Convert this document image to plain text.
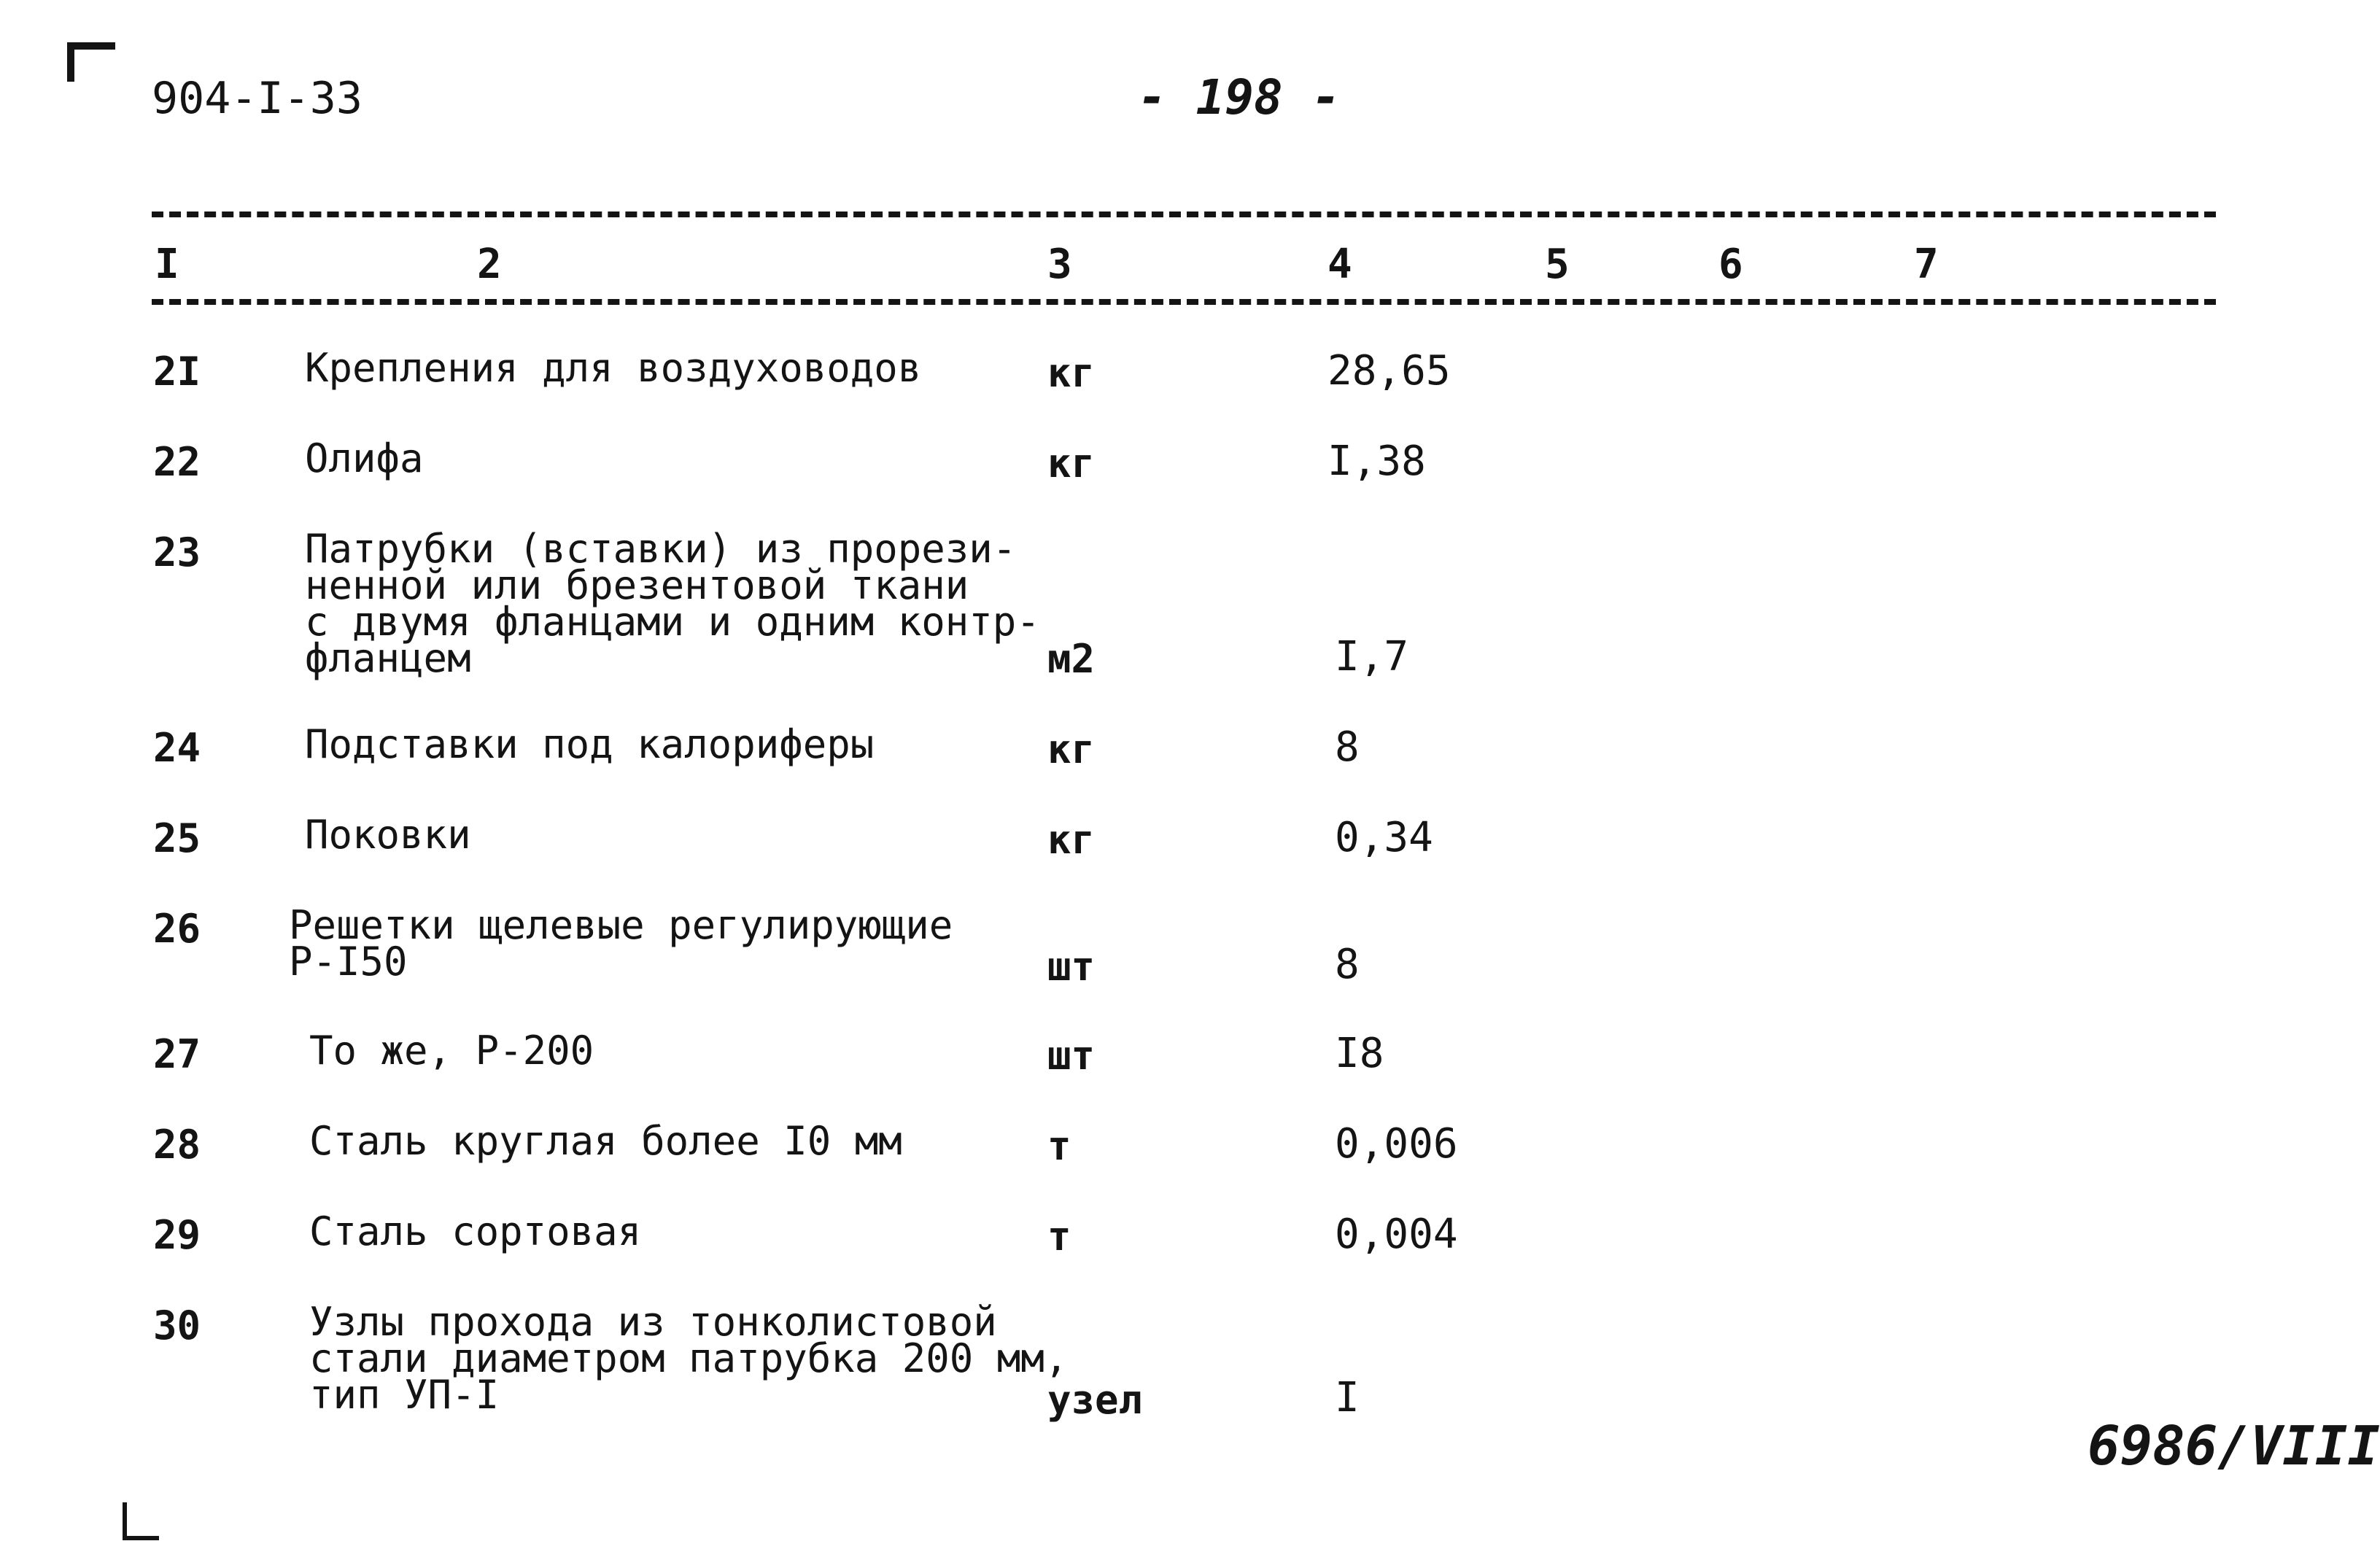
904-I-33	- 198 -
I	2	3	4	5	6	7
2I	Крепления для воздуховодов	кг	28,65
22	Олифа	кг	I,38
23	Патрубки (вставки) из прорези-
ненной или брезентовой ткани
с двумя фланцами и одним контр-
фланцем	м2	I,7
24	Подставки под калориферы	кг	8
25	Поковки	кг	0,34
26 Решетки щелевые регулирующие
Р-I50	шт	8
27	То же, Р-200	шт	I8
28	Сталь круглая более I0 мм	т	0,006
29	Сталь сортовая	т	0,004
30	Узлы прохода из тонколистовой
стали диаметром патрубка 200 мм,
тип УП-I	узел	I
6986/VIII
